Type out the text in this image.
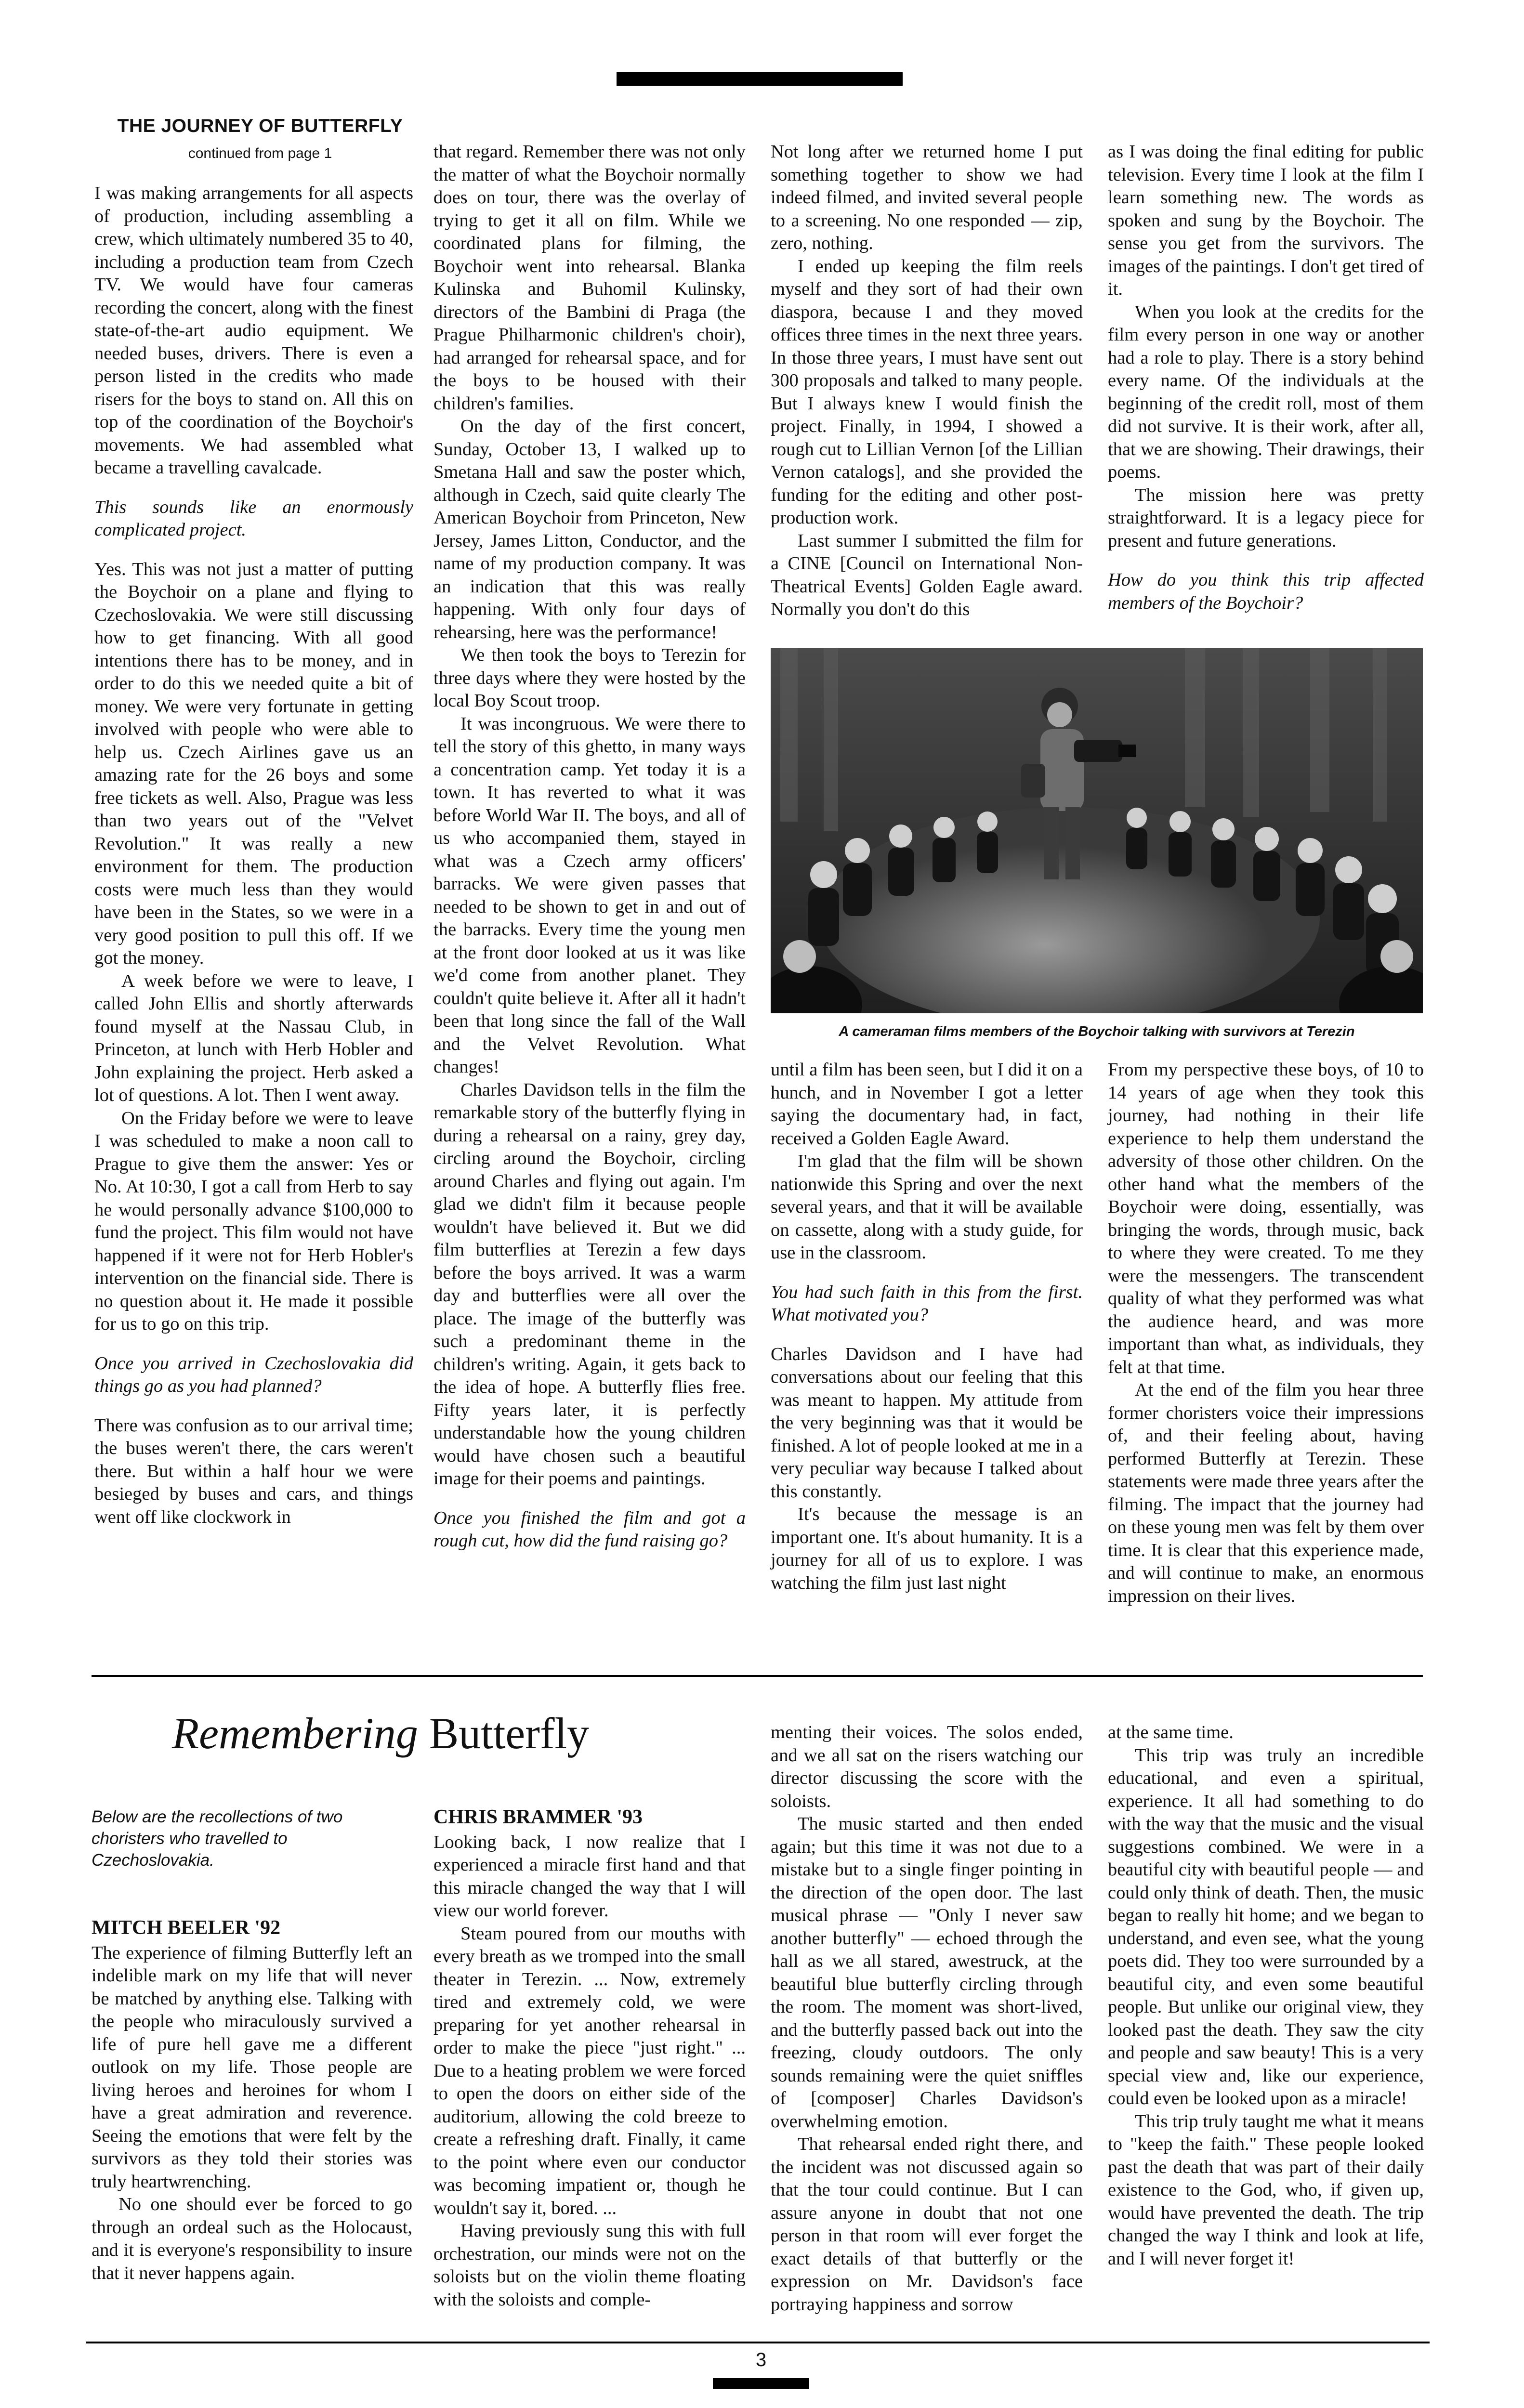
THE JOURNEY OF BUTTERFLY
continued from page 1

I was making arrangements for all aspects of production, including assembling a crew, which ultimately numbered 35 to 40, including a production team from Czech TV. We would have four cameras recording the concert, along with the finest state-of-the-art audio equipment. We needed buses, drivers. There is even a person listed in the credits who made risers for the boys to stand on. All this on top of the coordination of the Boychoir's movements. We had assembled what became a travelling cavalcade.

This sounds like an enormously complicated project.

Yes. This was not just a matter of putting the Boychoir on a plane and flying to Czechoslovakia. We were still discussing how to get financing. With all good intentions there has to be money, and in order to do this we needed quite a bit of money. We were very fortunate in getting involved with people who were able to help us. Czech Airlines gave us an amazing rate for the 26 boys and some free tickets as well. Also, Prague was less than two years out of the "Velvet Revolution." It was really a new environment for them. The production costs were much less than they would have been in the States, so we were in a very good position to pull this off. If we got the money.

A week before we were to leave, I called John Ellis and shortly afterwards found myself at the Nassau Club, in Princeton, at lunch with Herb Hobler and John explaining the project. Herb asked a lot of questions. A lot. Then I went away.

On the Friday before we were to leave I was scheduled to make a noon call to Prague to give them the answer: Yes or No. At 10:30, I got a call from Herb to say he would personally advance $100,000 to fund the project. This film would not have happened if it were not for Herb Hobler's intervention on the financial side. There is no question about it. He made it possible for us to go on this trip.

Once you arrived in Czechoslovakia did things go as you had planned?

There was confusion as to our arrival time; the buses weren't there, the cars weren't there. But within a half hour we were besieged by buses and cars, and things went off like clockwork in

that regard. Remember there was not only the matter of what the Boychoir normally does on tour, there was the overlay of trying to get it all on film. While we coordinated plans for filming, the Boychoir went into rehearsal. Blanka Kulinska and Buhomil Kulinsky, directors of the Bambini di Praga (the Prague Philharmonic children's choir), had arranged for rehearsal space, and for the boys to be housed with their children's families.

On the day of the first concert, Sunday, October 13, I walked up to Smetana Hall and saw the poster which, although in Czech, said quite clearly The American Boychoir from Princeton, New Jersey, James Litton, Conductor, and the name of my production company. It was an indication that this was really happening. With only four days of rehearsing, here was the performance!

We then took the boys to Terezin for three days where they were hosted by the local Boy Scout troop.

It was incongruous. We were there to tell the story of this ghetto, in many ways a concentration camp. Yet today it is a town. It has reverted to what it was before World War II. The boys, and all of us who accompanied them, stayed in what was a Czech army officers' barracks. We were given passes that needed to be shown to get in and out of the barracks. Every time the young men at the front door looked at us it was like we'd come from another planet. They couldn't quite believe it. After all it hadn't been that long since the fall of the Wall and the Velvet Revolution. What changes!

Charles Davidson tells in the film the remarkable story of the butterfly flying in during a rehearsal on a rainy, grey day, circling around the Boychoir, circling around Charles and flying out again. I'm glad we didn't film it because people wouldn't have believed it. But we did film butterflies at Terezin a few days before the boys arrived. It was a warm day and butterflies were all over the place. The image of the butterfly was such a predominant theme in the children's writing. Again, it gets back to the idea of hope. A butterfly flies free. Fifty years later, it is perfectly understandable how the young children would have chosen such a beautiful image for their poems and paintings.

Once you finished the film and got a rough cut, how did the fund raising go?

Not long after we returned home I put something together to show we had indeed filmed, and invited several people to a screening. No one responded — zip, zero, nothing.

I ended up keeping the film reels myself and they sort of had their own diaspora, because I and they moved offices three times in the next three years. In those three years, I must have sent out 300 proposals and talked to many people. But I always knew I would finish the project. Finally, in 1994, I showed a rough cut to Lillian Vernon [of the Lillian Vernon catalogs], and she provided the funding for the editing and other post-production work.

Last summer I submitted the film for a CINE [Council on International Non-Theatrical Events] Golden Eagle award. Normally you don't do this

as I was doing the final editing for public television. Every time I look at the film I learn something new. The words as spoken and sung by the Boychoir. The sense you get from the survivors. The images of the paintings. I don't get tired of it.

When you look at the credits for the film every person in one way or another had a role to play. There is a story behind every name. Of the individuals at the beginning of the credit roll, most of them did not survive. It is their work, after all, that we are showing. Their drawings, their poems.

The mission here was pretty straightforward. It is a legacy piece for present and future generations.

How do you think this trip affected members of the Boychoir?

A cameraman films members of the Boychoir talking with survivors at Terezin

until a film has been seen, but I did it on a hunch, and in November I got a letter saying the documentary had, in fact, received a Golden Eagle Award.

I'm glad that the film will be shown nationwide this Spring and over the next several years, and that it will be available on cassette, along with a study guide, for use in the classroom.

You had such faith in this from the first. What motivated you?

Charles Davidson and I have had conversations about our feeling that this was meant to happen. My attitude from the very beginning was that it would be finished. A lot of people looked at me in a very peculiar way because I talked about this constantly.

It's because the message is an important one. It's about humanity. It is a journey for all of us to explore. I was watching the film just last night

From my perspective these boys, of 10 to 14 years of age when they took this journey, had nothing in their life experience to help them understand the adversity of those other children. On the other hand what the members of the Boychoir were doing, essentially, was bringing the words, through music, back to where they were created. To me they were the messengers. The transcendent quality of what they performed was what the audience heard, and was more important than what, as individuals, they felt at that time.

At the end of the film you hear three former choristers voice their impressions of, and their feeling about, having performed Butterfly at Terezin. These statements were made three years after the filming. The impact that the journey had on these young men was felt by them over time. It is clear that this experience made, and will continue to make, an enormous impression on their lives.

Remembering Butterfly
Below are the recollections of two choristers who travelled to Czechoslovakia.
MITCH BEELER '92

The experience of filming Butterfly left an indelible mark on my life that will never be matched by anything else. Talking with the people who miraculously survived a life of pure hell gave me a different outlook on my life. Those people are living heroes and heroines for whom I have a great admiration and reverence. Seeing the emotions that were felt by the survivors as they told their stories was truly heartwrenching.

No one should ever be forced to go through an ordeal such as the Holocaust, and it is everyone's responsibility to insure that it never happens again.

CHRIS BRAMMER '93

Looking back, I now realize that I experienced a miracle first hand and that this miracle changed the way that I will view our world forever.

Steam poured from our mouths with every breath as we tromped into the small theater in Terezin. ... Now, extremely tired and extremely cold, we were preparing for yet another rehearsal in order to make the piece "just right." ... Due to a heating problem we were forced to open the doors on either side of the auditorium, allowing the cold breeze to create a refreshing draft. Finally, it came to the point where even our conductor was becoming impatient or, though he wouldn't say it, bored. ...

Having previously sung this with full orchestration, our minds were not on the soloists but on the violin theme floating with the soloists and comple-

menting their voices. The solos ended, and we all sat on the risers watching our director discussing the score with the soloists.

The music started and then ended again; but this time it was not due to a mistake but to a single finger pointing in the direction of the open door. The last musical phrase — "Only I never saw another butterfly" — echoed through the hall as we all stared, awestruck, at the beautiful blue butterfly circling through the room. The moment was short-lived, and the butterfly passed back out into the freezing, cloudy outdoors. The only sounds remaining were the quiet sniffles of [composer] Charles Davidson's overwhelming emotion.

That rehearsal ended right there, and the incident was not discussed again so that the tour could continue. But I can assure anyone in doubt that not one person in that room will ever forget the exact details of that butterfly or the expression on Mr. Davidson's face portraying happiness and sorrow

at the same time.

This trip was truly an incredible educational, and even a spiritual, experience. It all had something to do with the way that the music and the visual suggestions combined. We were in a beautiful city with beautiful people — and could only think of death. Then, the music began to really hit home; and we began to understand, and even see, what the young poets did. They too were surrounded by a beautiful city, and even some beautiful people. But unlike our original view, they looked past the death. They saw the city and people and saw beauty! This is a very special view and, like our experience, could even be looked upon as a miracle!

This trip truly taught me what it means to "keep the faith." These people looked past the death that was part of their daily existence to the God, who, if given up, would have prevented the death. The trip changed the way I think and look at life, and I will never forget it!

3
